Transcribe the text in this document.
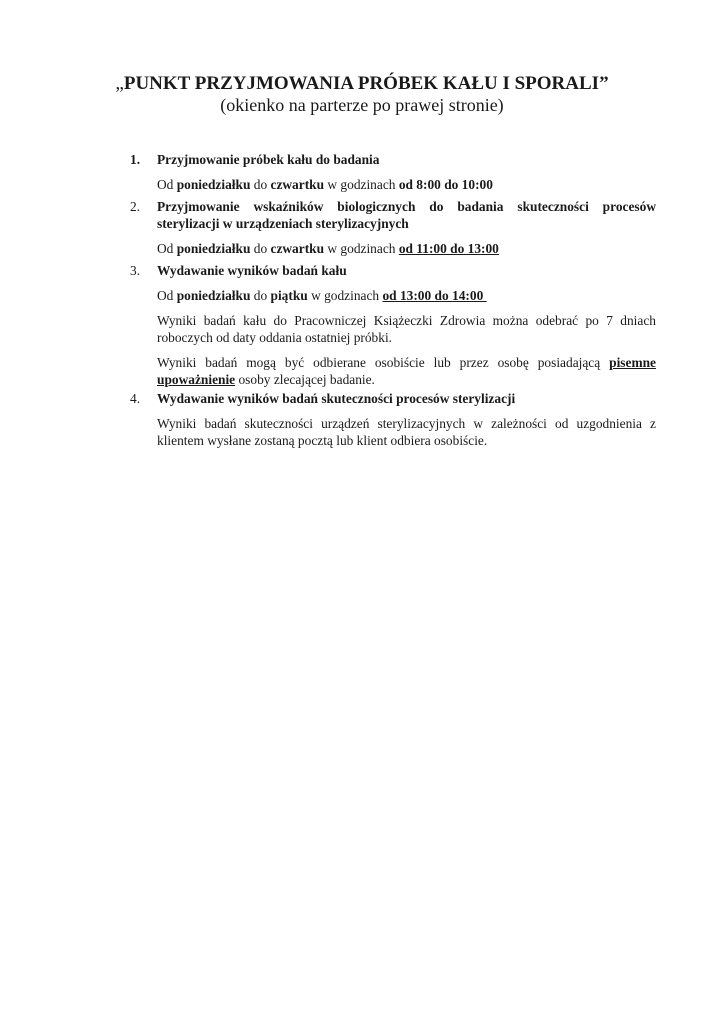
„PUNKT PRZYJMOWANIA PRÓBEK KAŁU I SPORALI”
(okienko na parterze po prawej stronie)
1.	Przyjmowanie próbek kału do badania
Od poniedziałku do czwartku w godzinach od 8:00 do 10:00
2.	Przyjmowanie wskaźników biologicznych do badania skuteczności procesów sterylizacji w urządzeniach sterylizacyjnych
Od poniedziałku do czwartku w godzinach od 11:00 do 13:00
3.	Wydawanie wyników badań kału
Od poniedziałku do piątku w godzinach od 13:00 do 14:00
Wyniki badań kału do Pracowniczej Książeczki Zdrowia można odebrać po 7 dniach roboczych od daty oddania ostatniej próbki.
Wyniki badań mogą być odbierane osobiście lub przez osobę posiadającą pisemne upoważnienie osoby zlecającej badanie.
4.	Wydawanie wyników badań skuteczności procesów sterylizacji
Wyniki badań skuteczności urządzeń sterylizacyjnych w zależności od uzgodnienia z klientem wysłane zostaną pocztą lub klient odbiera osobiście.
